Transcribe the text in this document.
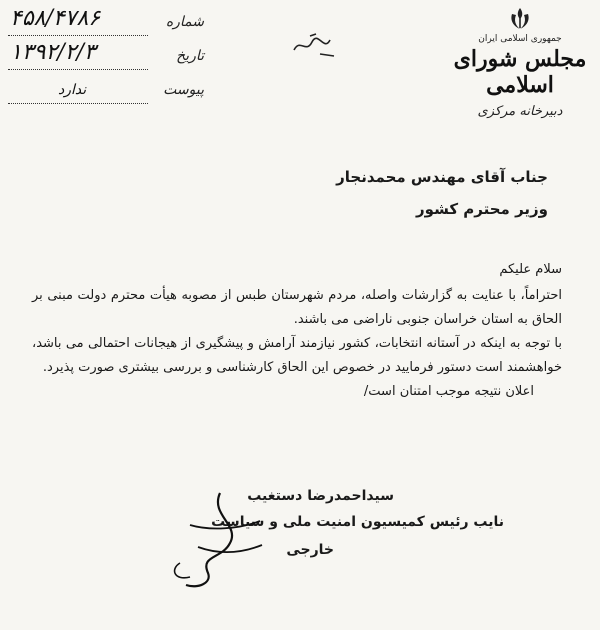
۴۵۸/۴۷۸۶	شماره
۱۳۹۲/۲/۳	تاریخ
ندارد	پیوست
جمهوری اسلامی ایران
مجلس شورای اسلامی
دبیرخانه مرکزی
جناب آقای مهندس محمدنجار
وزیر محترم کشور
سلام علیکم

احتراماً، با عنایت به گزارشات واصله، مردم شهرستان طبس از مصوبه هیأت محترم دولت مبنی بر الحاق به استان خراسان جنوبی ناراضی می باشند.

با توجه به اینکه در آستانه انتخابات، کشور نیازمند آرامش و پیشگیری از هیجانات احتمالی می باشد، خواهشمند است دستور فرمایید در خصوص این الحاق کارشناسی و بررسی بیشتری صورت پذیرد.

اعلان نتیجه موجب امتنان است/

سیداحمدرضا دستغیب
نایب رئیس کمیسیون امنیت ملی و سیاست
خارجی
